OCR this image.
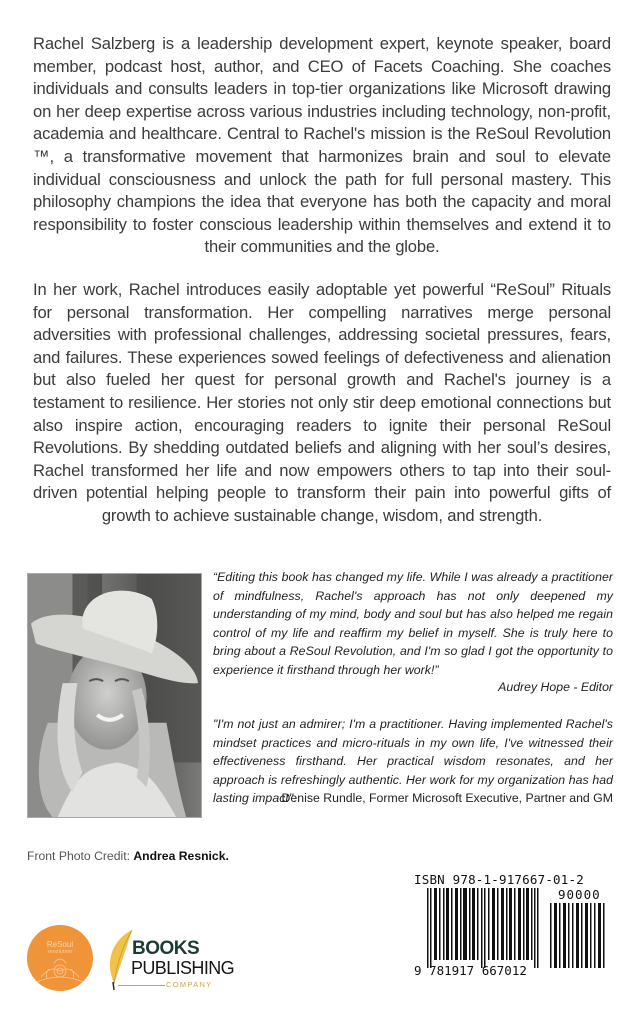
Rachel Salzberg is a leadership development expert, keynote speaker, board member, podcast host, author, and CEO of Facets Coaching. She coaches individuals and consults leaders in top-tier organizations like Microsoft drawing on her deep expertise across various industries including technology, non-profit, academia and healthcare. Central to Rachel's mission is the ReSoul Revolution ™, a transformative movement that harmonizes brain and soul to elevate individual consciousness and unlock the path for full personal mastery. This philosophy champions the idea that everyone has both the capacity and moral responsibility to foster conscious leadership within themselves and extend it to their communities and the globe.

In her work, Rachel introduces easily adoptable yet powerful “ReSoul” Rituals for personal transformation. Her compelling narratives merge personal adversities with professional challenges, addressing societal pressures, fears, and failures. These experiences sowed feelings of defectiveness and alienation but also fueled her quest for personal growth and Rachel's journey is a testament to resilience. Her stories not only stir deep emotional connections but also inspire action, encouraging readers to ignite their personal ReSoul Revolutions. By shedding outdated beliefs and aligning with her soul’s desires, Rachel transformed her life and now empowers others to tap into their soul-driven potential helping people to transform their pain into powerful gifts of growth to achieve sustainable change, wisdom, and strength.

“Editing this book has changed my life. While I was already a practitioner of mindfulness, Rachel's approach has not only deepened my understanding of my mind, body and soul but has also helped me regain control of my life and reaffirm my belief in myself. She is truly here to bring about a ReSoul Revolution, and I'm so glad I got the opportunity to experience it firsthand through her work!”

Audrey Hope - Editor

"I'm not just an admirer; I'm a practitioner. Having implemented Rachel's mindset practices and micro-rituals in my own life, I've witnessed their effectiveness firsthand. Her practical wisdom resonates, and her approach is refreshingly authentic. Her work for my organization has had lasting impact".

Denise Rundle, Former Microsoft Executive, Partner and GM

Front Photo Credit: Andrea Resnick.

ReSoul
revolution	BOOKS
PUBLISHING
COMPANY
ISBN 978-1-917667-01-2
90000
9 781917 667012
